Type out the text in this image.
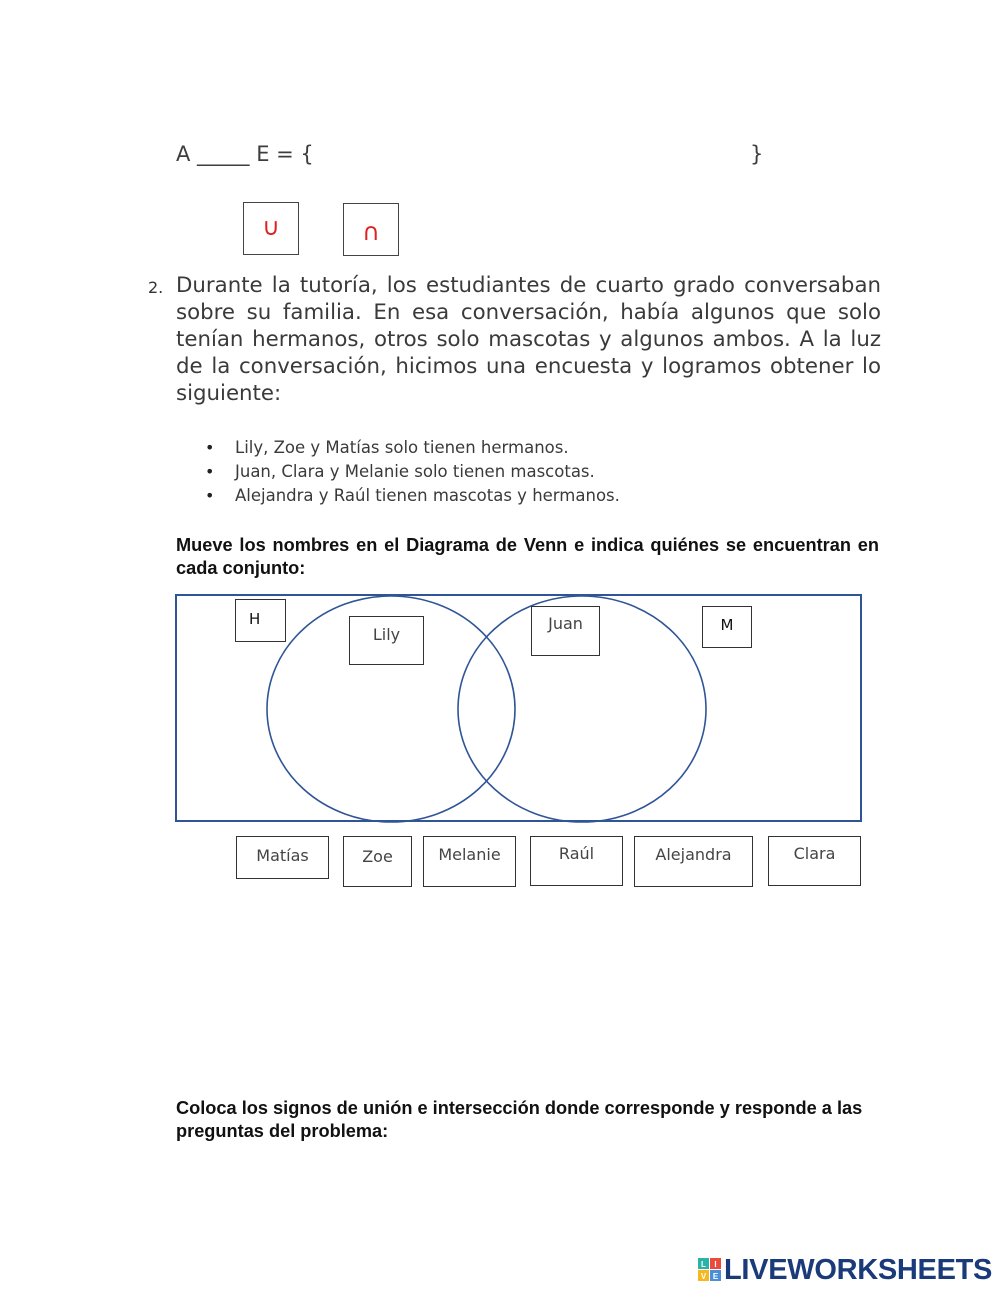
A _____ E = {	}
∪	∩
2. Durante la tutoría, los estudiantes de cuarto grado conversaban sobre su familia. En esa conversación, había algunos que solo tenían hermanos, otros solo mascotas y algunos ambos. A la luz de la conversación, hicimos una encuesta y logramos obtener lo siguiente:
• Lily, Zoe y Matías solo tienen hermanos.
• Juan, Clara y Melanie solo tienen mascotas.
• Alejandra y Raúl tienen mascotas y hermanos.
Mueve los nombres en el Diagrama de Venn e indica quiénes se encuentran en cada conjunto:
H	M
Lily
Juan
Matías	Zoe	Melanie	Raúl	Alejandra	Clara
Coloca los signos de unión e intersección donde corresponde y responde a las preguntas del problema:
L I
V E LIVEWORKSHEETS
